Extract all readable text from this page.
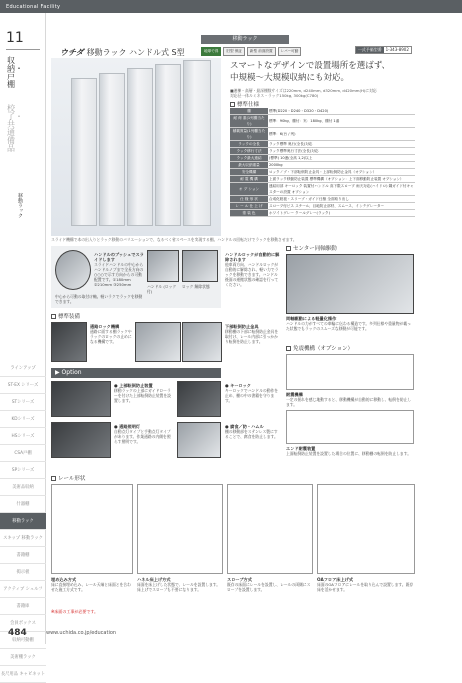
Educational Facility
11
収納・戸棚
校了・共通備品
移動ラック
ラインアップ
ST-EX シリーズ
STシリーズ
KDシリーズ
HSシリーズ
CSA戸棚
SPシリーズ
美術品収納
什器棚
移動ラック
スキップ 移動ラック
書籍棚
掲示板
アクティブ シェルフ
書籍庫
会員ボックス
収納可動棚
美術棚ラック
長尺用品 キャビネット
移動ラック
ウチダ 移動ラック ハンドル式 S型	地球で得	旧型 保証	新型 前面設置	レバー可動	一式予価型番 1-343-8902
スマートなデザインで設置場所を選ばず、
中規模〜大規模収納にも対応。
■連棟・高層・最深棚数サイズは220mm, d240mm, d320mm, d420mm(H)に対応
対応径一体ルミネス・ラック150kg, 300kg(C780)
標準仕様
棚	標準(D220・D240・D320・D420)
耐 荷 重(1列棚当たり)	標準：90kg、棚付：実：180kg、棚付 1番
積載質量(1列棚当たり)	標準：6(台 / 列)
ラックの全長	ラック標準 奥行(全長)対応
ラック移行寸法	ラック標準奥行寸法(全長)対応
ラック最大連結	(標準) 10連(全高 1,2)以上
最大収納重量	2000kg
安全機構	ロックノブ・下部転倒防止金具・上部転倒防止金具（オプション）
耐 震 機 構	上面ラック移動防止装置 標準機構（オプション：上下面移動防止装置 オプション）
オ プ ション	連結用部 キーロック 装置付ハンドル 高下限スロープ 雨天対応(ハイドロ) 鋼ガイド付キャスターの設置 オプション
仕 様 形 状	合成化粧板・スリーブ・ガイド仕様 全面取り出し
レ ー ル 仕 上 げ	スロープ付ビス スチール、目地防止部材、スムース、インテグレーター
塗 装 色	ホワイトグレー クールグレー(ラック)
スライド機構で本の出入りとラック移動のバリエーションで、なるべく省スペースを実現する棚。ハンドルの回転だけでラックを移動させます。
ハンドルのプッシュでスライドします
スライドハンドルの中心からハンドルノブまで全長方向の○○○で示す方向からの可動配置です。①180mm ②210mm ③250mm
中心から可動の取付け軸。軽いラクでラックを移動できます。
ハンドル (ロック付)
ロック 解除状態
ハンドルロックが自動的に解除されます
他車両方向、ハンドルロックが自動的に解除され、軽い力でラックを移動できます。ハンドル後面の運搬状態の確認を行ってください。
標準装備
通路ロック機構
通路に面する棚ラックやラックのロックの止めになる機構です。
下部転倒防止金具
移動棚の下部に転倒防止金具を取付け、レール内部に引っかかり転倒を防止します。
センター同軸駆動
同軸駆動による軽量化操作
ハンドルの力がすべての車輪に伝わる構造です。多列仕様や重量物が載った状態でもラックのスムーズな移動が可能です。
免震機構（オプション）
耐震機構
一定の揺れを感じ地動すると、移動機構が自動的に移動し、転倒を防止します。
エンド耐震装置
上面転倒防止装置を設置した場合の位置に、移動棚の転倒を防止します。
▶ Option
● 上部転倒防止装置
移動ラックの上部にガイドローラーを付けた上部転倒防止装置を設置します。
● キーロック
キーロックでハンドルの動作を止め、棚の中の書籍を守ります。
● 通路照明灯
自動点灯タイプと手動点灯タイプがあります。作業通路の内側を照らす照明です。
● 腐食／防・ハムル
棚の移動部をステンレス製にすることで、腐食を防止します。
レール形状
埋め込み方式
床に直接埋め込み、レール天端と床面とを合わせた施工方式です。
ハネル床上げ方式
床面を床上げした状態で、レールを設置します。床上げでスロープも不要になります。
スロープ方式
既存の床面にレールを設置し、レールの両側にスロープを設置します。
OAフロア床上げ式
床面のOAフロアにレールを取り込んで設置します。既存床を活かせます。
※床面の工事が必要です。
484	www.uchida.co.jp/education
